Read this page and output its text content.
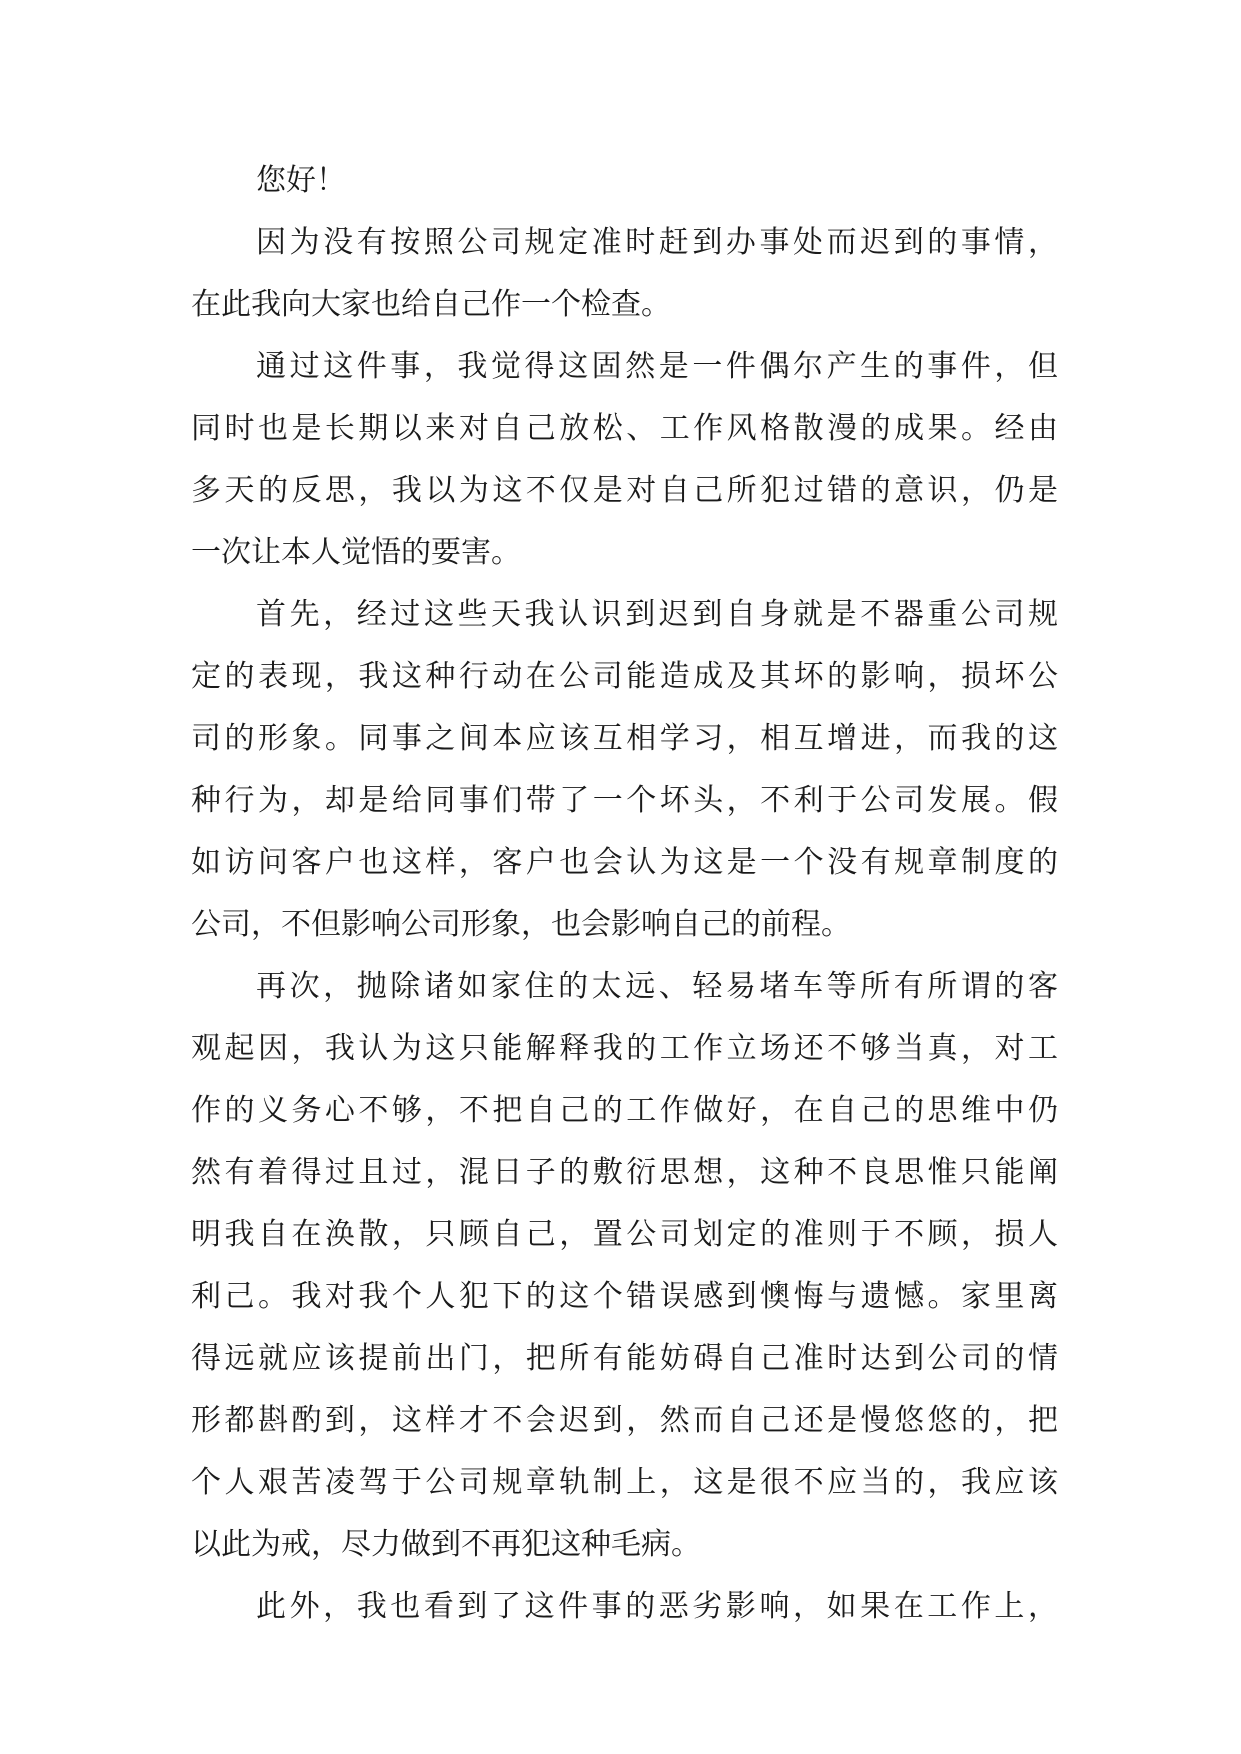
您好！
因为没有按照公司规定准时赶到办事处而迟到的事情，
在此我向大家也给自己作一个检查。
通过这件事，我觉得这固然是一件偶尔产生的事件，但
同时也是长期以来对自己放松、工作风格散漫的成果。经由
多天的反思，我以为这不仅是对自己所犯过错的意识，仍是
一次让本人觉悟的要害。
首先，经过这些天我认识到迟到自身就是不器重公司规
定的表现，我这种行动在公司能造成及其坏的影响，损坏公
司的形象。同事之间本应该互相学习，相互增进，而我的这
种行为，却是给同事们带了一个坏头，不利于公司发展。假
如访问客户也这样，客户也会认为这是一个没有规章制度的
公司，不但影响公司形象，也会影响自己的前程。
再次，抛除诸如家住的太远、轻易堵车等所有所谓的客
观起因，我认为这只能解释我的工作立场还不够当真，对工
作的义务心不够，不把自己的工作做好，在自己的思维中仍
然有着得过且过，混日子的敷衍思想，这种不良思惟只能阐
明我自在涣散，只顾自己，置公司划定的准则于不顾，损人
利己。我对我个人犯下的这个错误感到懊悔与遗憾。家里离
得远就应该提前出门，把所有能妨碍自己准时达到公司的情
形都斟酌到，这样才不会迟到，然而自己还是慢悠悠的，把
个人艰苦凌驾于公司规章轨制上，这是很不应当的，我应该
以此为戒，尽力做到不再犯这种毛病。
此外，我也看到了这件事的恶劣影响，如果在工作上，
